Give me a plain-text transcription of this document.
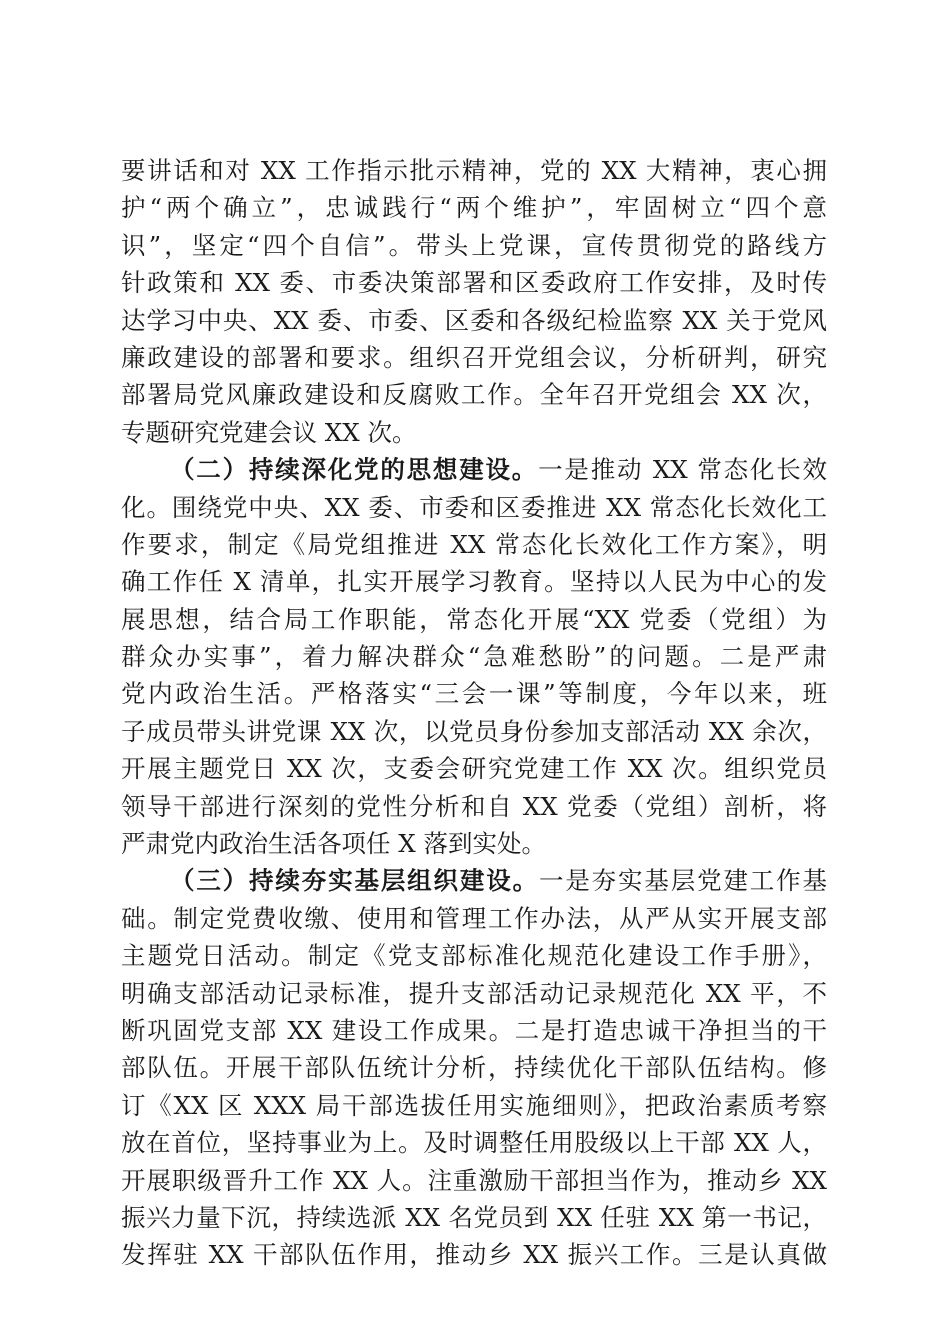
要讲话和对 XX 工作指示批示精神，党的 XX 大精神，衷心拥
护“两个确立”，忠诚践行“两个维护”，牢固树立“四个意
识”，坚定“四个自信”。带头上党课，宣传贯彻党的路线方
针政策和 XX 委、市委决策部署和区委政府工作安排，及时传
达学习中央、XX 委、市委、区委和各级纪检监察 XX 关于党风
廉政建设的部署和要求。组织召开党组会议，分析研判，研究
部署局党风廉政建设和反腐败工作。全年召开党组会 XX 次，
专题研究党建会议 XX 次。
（二）持续深化党的思想建设。一是推动 XX 常态化长效
化。围绕党中央、XX 委、市委和区委推进 XX 常态化长效化工
作要求，制定《局党组推进 XX 常态化长效化工作方案》，明
确工作任 X 清单，扎实开展学习教育。坚持以人民为中心的发
展思想，结合局工作职能，常态化开展“XX 党委（党组）为
群众办实事”，着力解决群众“急难愁盼”的问题。二是严肃
党内政治生活。严格落实“三会一课”等制度，今年以来，班
子成员带头讲党课 XX 次，以党员身份参加支部活动 XX 余次，
开展主题党日 XX 次，支委会研究党建工作 XX 次。组织党员
领导干部进行深刻的党性分析和自 XX 党委（党组）剖析，将
严肃党内政治生活各项任 X 落到实处。
（三）持续夯实基层组织建设。一是夯实基层党建工作基
础。制定党费收缴、使用和管理工作办法，从严从实开展支部
主题党日活动。制定《党支部标准化规范化建设工作手册》，
明确支部活动记录标准，提升支部活动记录规范化 XX 平，不
断巩固党支部 XX 建设工作成果。二是打造忠诚干净担当的干
部队伍。开展干部队伍统计分析，持续优化干部队伍结构。修
订《XX 区 XXX 局干部选拔任用实施细则》，把政治素质考察
放在首位，坚持事业为上。及时调整任用股级以上干部 XX 人，
开展职级晋升工作 XX 人。注重激励干部担当作为，推动乡 XX
振兴力量下沉，持续选派 XX 名党员到 XX 任驻 XX 第一书记，
发挥驻 XX 干部队伍作用，推动乡 XX 振兴工作。三是认真做
